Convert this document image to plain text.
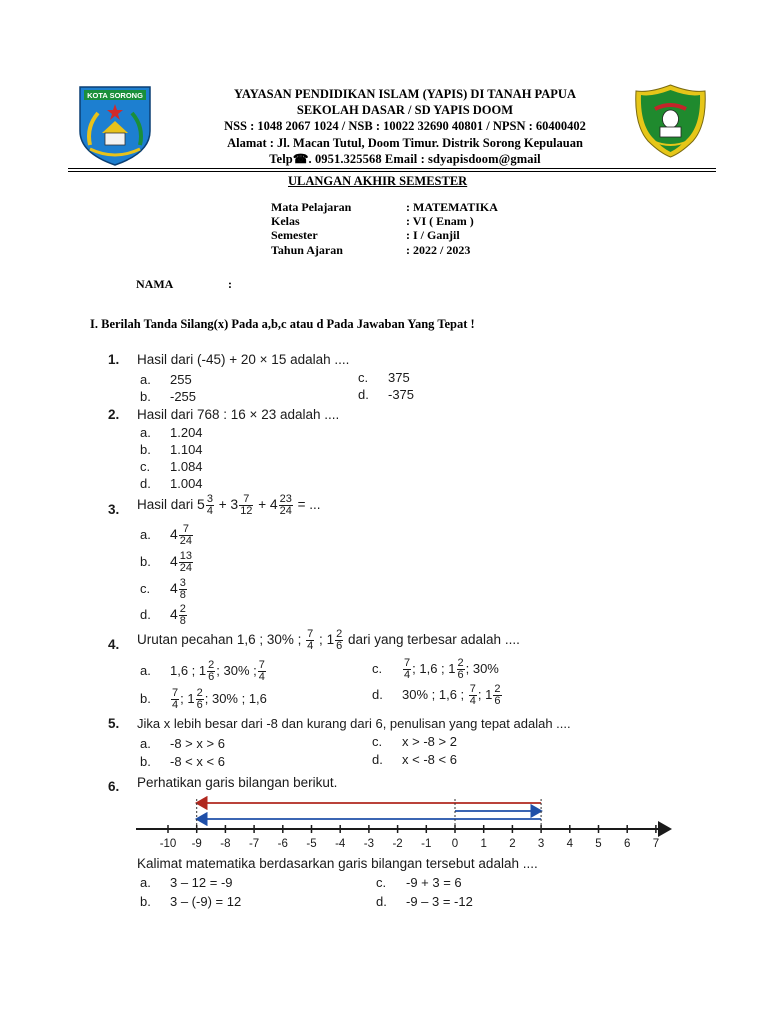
KOTA SORONG	YAYASAN PENDIDIKAN ISLAM (YAPIS) DI TANAH PAPUA
SEKOLAH DASAR / SD YAPIS DOOM
NSS : 1048 2067 1024 / NSB : 10022 32690 40801 / NPSN : 60400402
Alamat : Jl. Macan Tutul, Doom Timur. Distrik Sorong Kepulauan
Telp☎. 0951.325568 Email : sdyapisdoom@gmail
ULANGAN AKHIR SEMESTER
Mata Pelajaran	: MATEMATIKA
Kelas	: VI ( Enam )
Semester	: I / Ganjil
Tahun Ajaran	: 2022 / 2023
NAMA	:
I. Berilah Tanda Silang(x) Pada a,b,c atau d Pada Jawaban Yang Tepat !
1. Hasil dari (-45) + 20 × 15 adalah ....
a. 255
b. -255
c. 375
d. -375
2. Hasil dari 768 : 16 × 23 adalah ....
a. 1.204
b. 1.104
c. 1.084
d. 1.004
3. Hasil dari $5 \frac{3}{4} + 3 \frac{7}{12} + 4 \frac{23}{24}$ = ...
a. $4 \frac{7}{24}$
b. $4 \frac{13}{24}$
c. $4 \frac{3}{8}$
d. $4 \frac{2}{8}$
4. Urutan pecahan 1,6 ; 30% ; $\frac{7}{4}$ ; $1 \frac{2}{6}$ dari yang terbesar adalah ....
a. 1,6 ; $1 \frac{2}{6}$ ; 30% ; $\frac{7}{4}$
b. $\frac{7}{4}$ ; $1 \frac{2}{6}$ ; 30% ; 1,6
c. $\frac{7}{4}$ ; 1,6 ; $1 \frac{2}{6}$ ; 30%
d. 30% ; 1,6 ; $\frac{7}{4}$ ; $1 \frac{2}{6}$
5. Jika x lebih besar dari -8 dan kurang dari 6, penulisan yang tepat adalah ....
a. -8 > x > 6
b. -8 < x < 6
c. x > -8 > 2
d. x < -8 < 6
6. Perhatikan garis bilangan berikut.
-10 -9 -8 -7 -6 -5 -4 -3 -2 -1 0 1 2 3 4 5 6 7
Kalimat matematika berdasarkan garis bilangan tersebut adalah ....
a. 3 – 12 = -9
b. 3 – (-9) = 12
c. -9 + 3 = 6
d. -9 – 3 = -12
